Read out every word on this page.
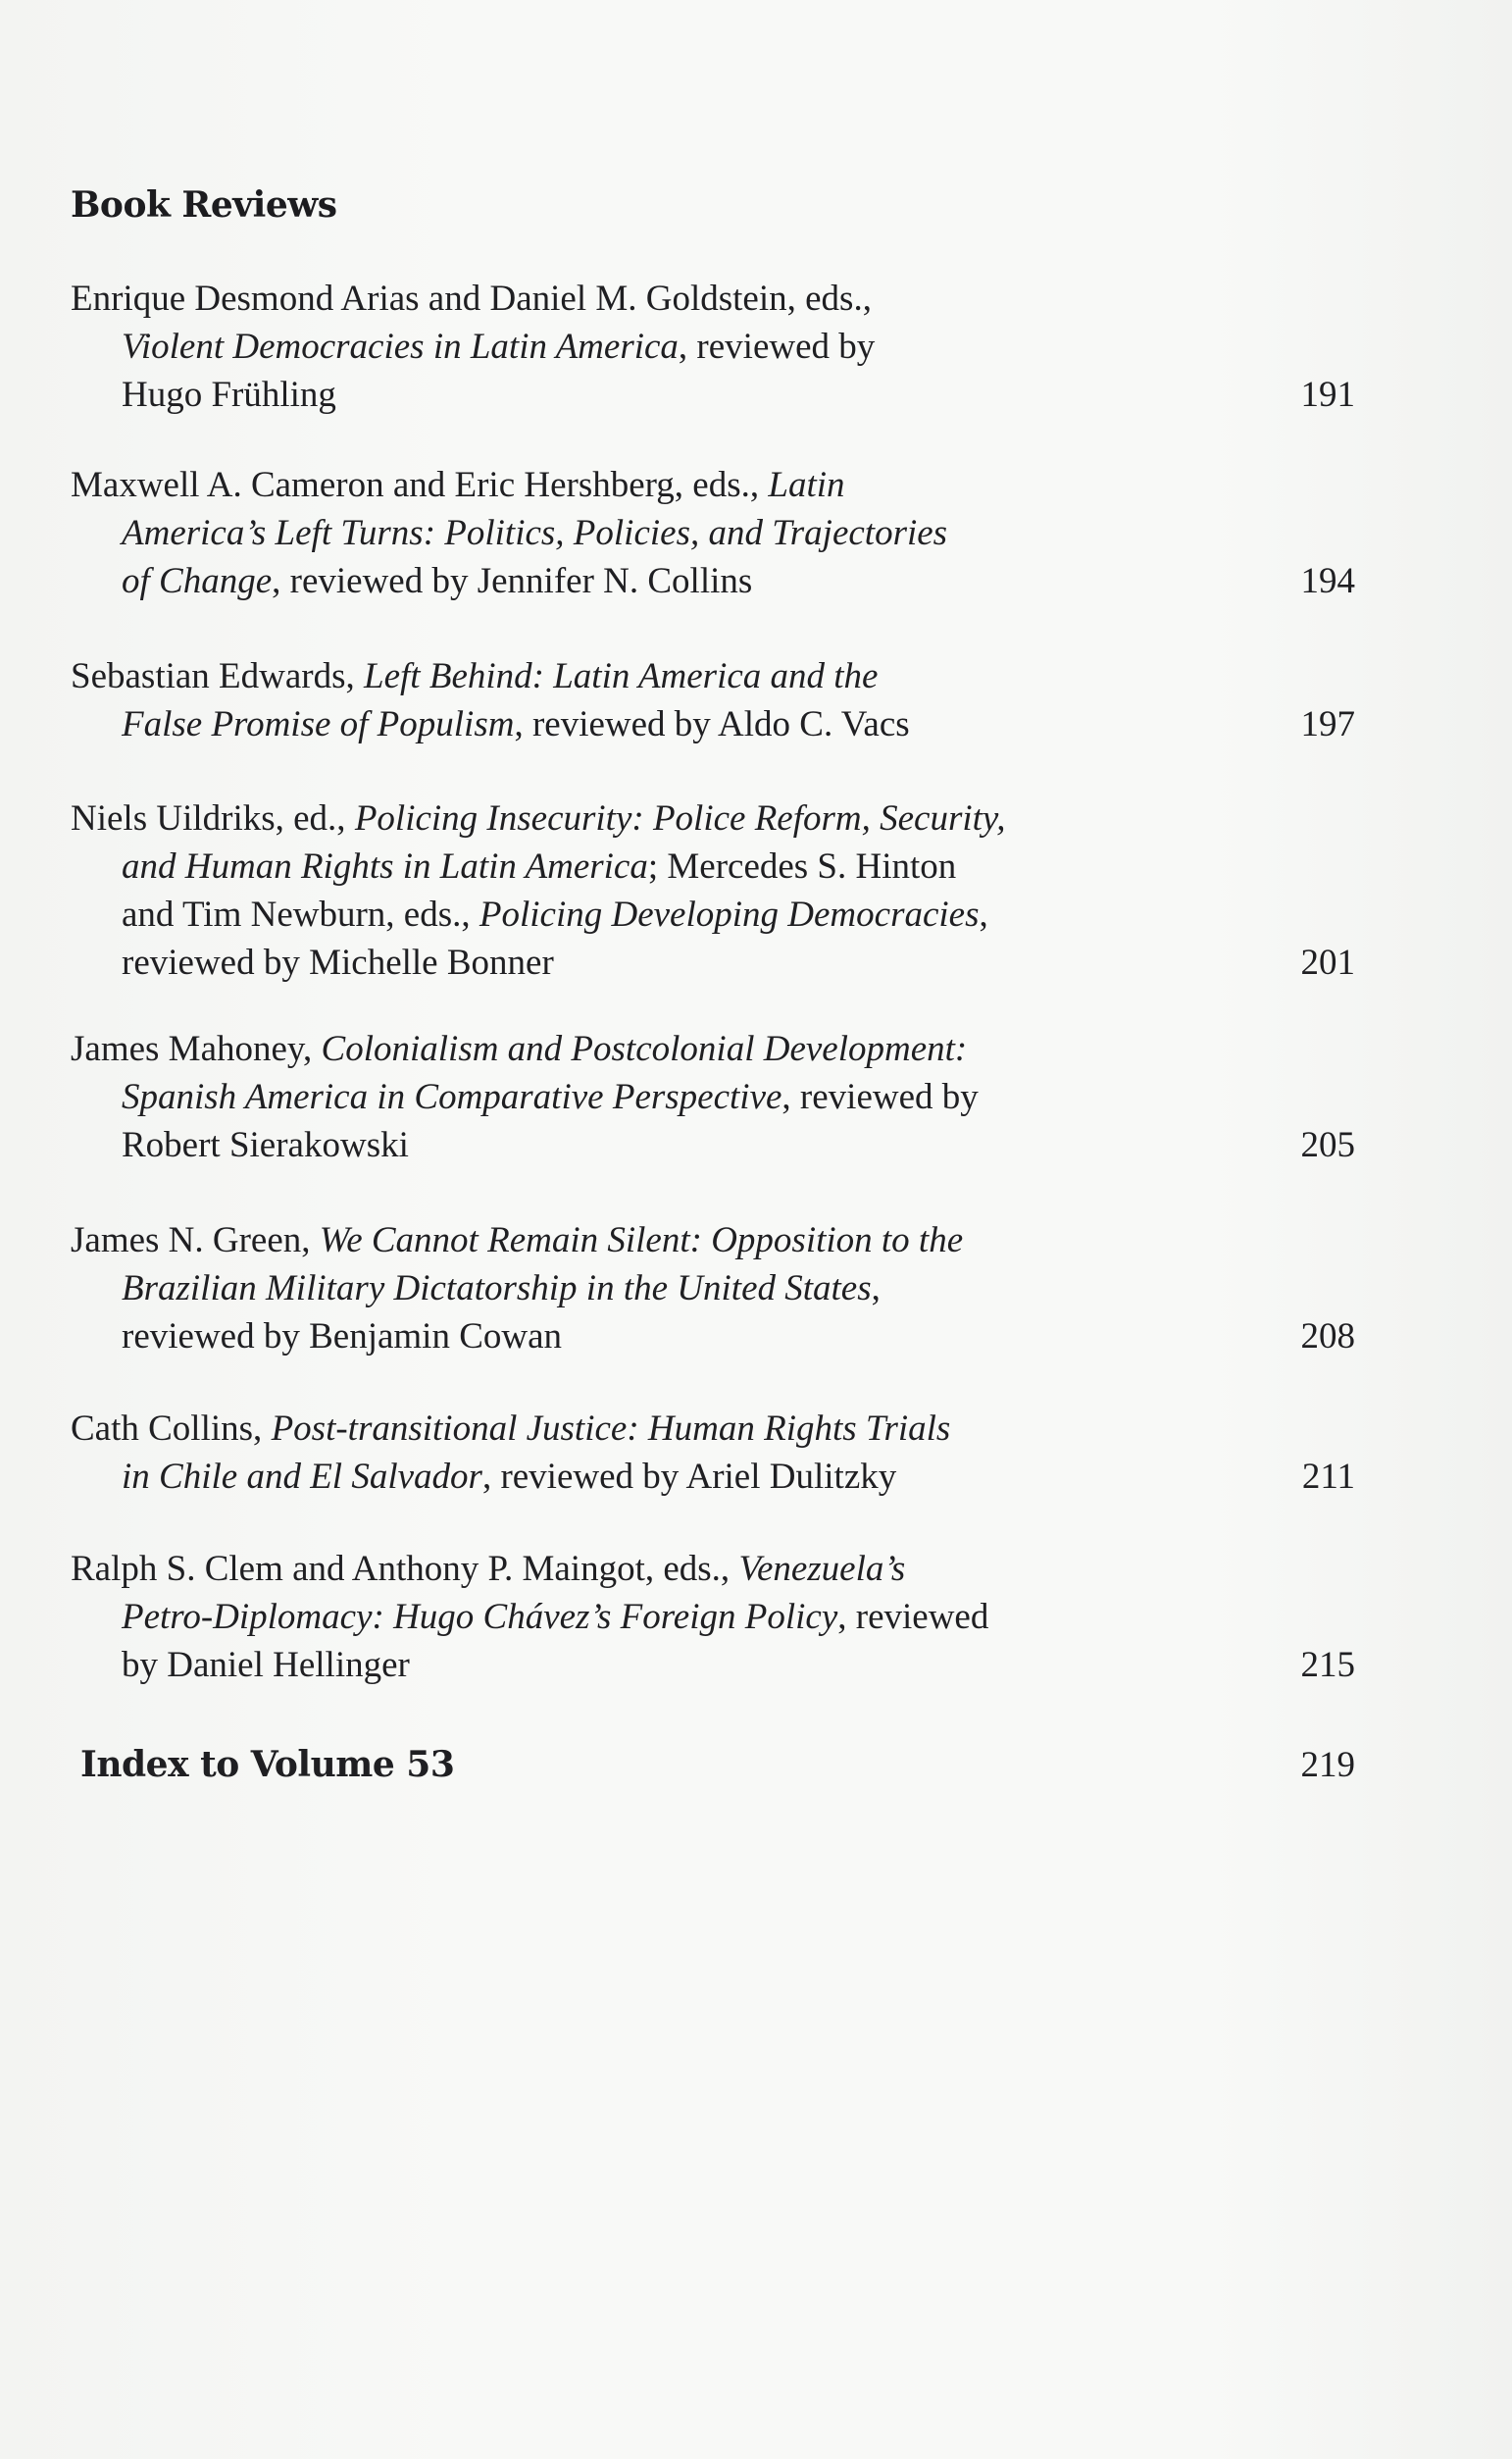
Book Reviews
Enrique Desmond Arias and Daniel M. Goldstein, eds.,
Violent Democracies in Latin America, reviewed by
Hugo Frühling	191
Maxwell A. Cameron and Eric Hershberg, eds., Latin
America’s Left Turns: Politics, Policies, and Trajectories
of Change, reviewed by Jennifer N. Collins	194
Sebastian Edwards, Left Behind: Latin America and the
False Promise of Populism, reviewed by Aldo C. Vacs	197
Niels Uildriks, ed., Policing Insecurity: Police Reform, Security,
and Human Rights in Latin America; Mercedes S. Hinton
and Tim Newburn, eds., Policing Developing Democracies,
reviewed by Michelle Bonner	201
James Mahoney, Colonialism and Postcolonial Development:
Spanish America in Comparative Perspective, reviewed by
Robert Sierakowski	205
James N. Green, We Cannot Remain Silent: Opposition to the
Brazilian Military Dictatorship in the United States,
reviewed by Benjamin Cowan	208
Cath Collins, Post-transitional Justice: Human Rights Trials
in Chile and El Salvador, reviewed by Ariel Dulitzky	211
Ralph S. Clem and Anthony P. Maingot, eds., Venezuela’s
Petro-Diplomacy: Hugo Chávez’s Foreign Policy, reviewed
by Daniel Hellinger	215
Index to Volume 53	219
